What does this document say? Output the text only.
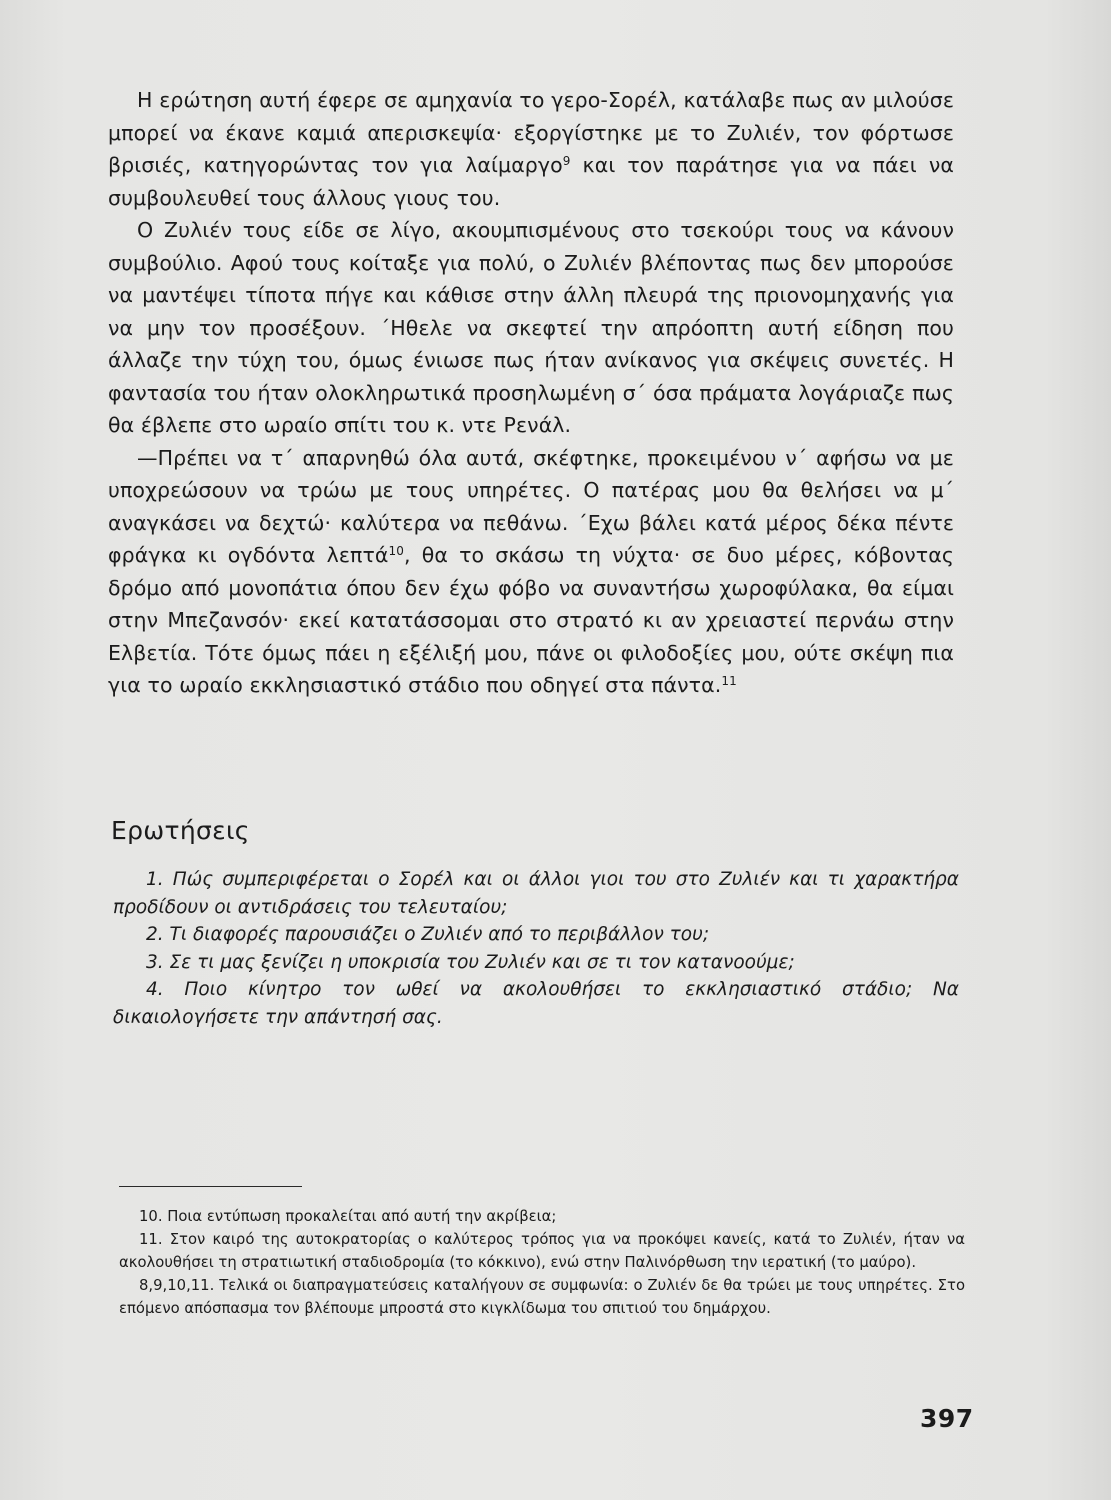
Η ερώτηση αυτή έφερε σε αμηχανία το γερο-Σορέλ, κατάλαβε πως αν μιλούσε μπορεί να έκανε καμιά απερισκεψία· εξοργίστηκε με το Ζυλιέν, τον φόρτωσε βρισιές, κατηγορώντας τον για λαίμαργο$^9$ και τον παράτησε για να πάει να συμβουλευθεί τους άλλους γιους του.

Ο Ζυλιέν τους είδε σε λίγο, ακουμπισμένους στο τσεκούρι τους να κάνουν συμβούλιο. Αφού τους κοίταξε για πολύ, ο Ζυλιέν βλέποντας πως δεν μπορούσε να μαντέψει τίποτα πήγε και κάθισε στην άλλη πλευρά της πριονομηχανής για να μην τον προσέξουν. ΄Ηθελε να σκεφτεί την απρόοπτη αυτή είδηση που άλλαζε την τύχη του, όμως ένιωσε πως ήταν ανίκανος για σκέψεις συνετές. Η φαντασία του ήταν ολοκληρωτικά προσηλωμένη σ΄ όσα πράματα λογάριαζε πως θα έβλεπε στο ωραίο σπίτι του κ. ντε Ρενάλ.

—Πρέπει να τ΄ απαρνηθώ όλα αυτά, σκέφτηκε, προκειμένου ν΄ αφήσω να με υποχρεώσουν να τρώω με τους υπηρέτες. Ο πατέρας μου θα θελήσει να μ΄ αναγκάσει να δεχτώ· καλύτερα να πεθάνω. ΄Εχω βάλει κατά μέρος δέκα πέντε φράγκα κι ογδόντα λεπτά$^{10}$, θα το σκάσω τη νύχτα· σε δυο μέρες, κόβοντας δρόμο από μονοπάτια όπου δεν έχω φόβο να συναντήσω χωροφύλακα, θα είμαι στην Μπεζανσόν· εκεί κατατάσσομαι στο στρατό κι αν χρειαστεί περνάω στην Ελβετία. Τότε όμως πάει η εξέλιξή μου, πάνε οι φιλοδοξίες μου, ούτε σκέψη πια για το ωραίο εκκλησιαστικό στάδιο που οδηγεί στα πάντα.$^{11}$

Ερωτήσεις

1. Πώς συμπεριφέρεται ο Σορέλ και οι άλλοι γιοι του στο Ζυλιέν και τι χαρακτήρα προδίδουν οι αντιδράσεις του τελευταίου;

2. Τι διαφορές παρουσιάζει ο Ζυλιέν από το περιβάλλον του;

3. Σε τι μας ξενίζει η υποκρισία του Ζυλιέν και σε τι τον κατανοούμε;

4. Ποιο κίνητρο τον ωθεί να ακολουθήσει το εκκλησιαστικό στάδιο; Να δικαιολογήσετε την απάντησή σας.

10. Ποια εντύπωση προκαλείται από αυτή την ακρίβεια;

11. Στον καιρό της αυτοκρατορίας ο καλύτερος τρόπος για να προκόψει κανείς, κατά το Ζυλιέν, ήταν να ακολουθήσει τη στρατιωτική σταδιοδρομία (το κόκκινο), ενώ στην Παλινόρθωση την ιερατική (το μαύρο).

8,9,10,11. Τελικά οι διαπραγματεύσεις καταλήγουν σε συμφωνία: ο Ζυλιέν δε θα τρώει με τους υπηρέτες. Στο επόμενο απόσπασμα τον βλέπουμε μπροστά στο κιγκλίδωμα του σπιτιού του δημάρχου.

397
